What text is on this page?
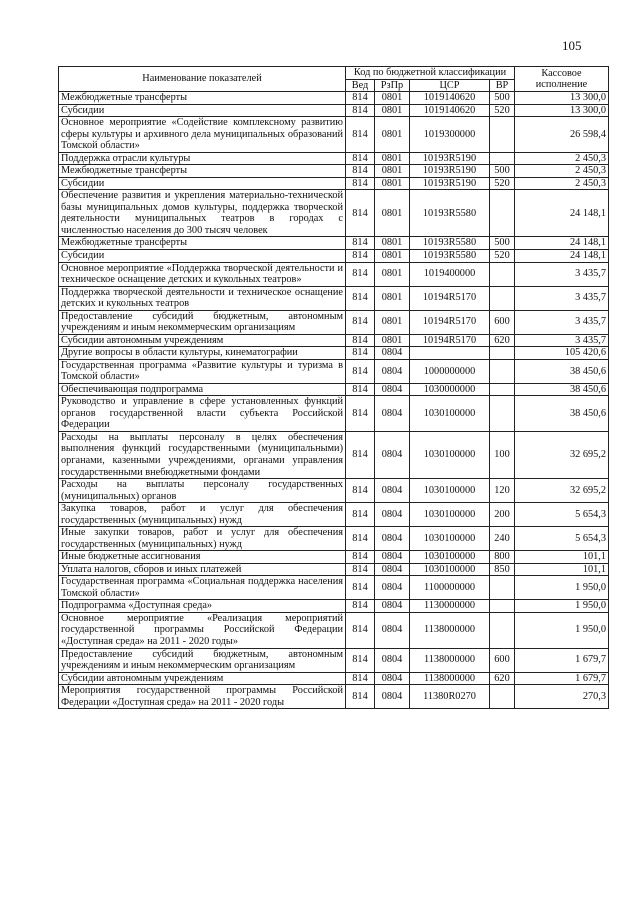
105
Наименование показателей	Код по бюджетной классификации				Кассовое исполнение
	Вед	РзПр	ЦСР	ВР	
Межбюджетные трансферты	814	0801	1019140620	500	13 300,0
Субсидии	814	0801	1019140620	520	13 300,0
Основное мероприятие «Содействие комплексному развитию сферы культуры и архивного дела муниципальных образований Томской области»	814	0801	1019300000		26 598,4
Поддержка отрасли культуры	814	0801	10193R5190		2 450,3
Межбюджетные трансферты	814	0801	10193R5190	500	2 450,3
Субсидии	814	0801	10193R5190	520	2 450,3
Обеспечение развития и укрепления материально-технической базы муниципальных домов культуры, поддержка творческой деятельности муниципальных театров в городах с численностью населения до 300 тысяч человек	814	0801	10193R5580		24 148,1
Межбюджетные трансферты	814	0801	10193R5580	500	24 148,1
Субсидии	814	0801	10193R5580	520	24 148,1
Основное мероприятие «Поддержка творческой деятельности и техническое оснащение детских и кукольных театров»	814	0801	1019400000		3 435,7
Поддержка творческой деятельности и техническое оснащение детских и кукольных театров	814	0801	10194R5170		3 435,7
Предоставление субсидий бюджетным, автономным учреждениям и иным некоммерческим организациям	814	0801	10194R5170	600	3 435,7
Субсидии автономным учреждениям	814	0801	10194R5170	620	3 435,7
Другие вопросы в области культуры, кинематографии	814	0804			105 420,6
Государственная программа «Развитие культуры и туризма в Томской области»	814	0804	1000000000		38 450,6
Обеспечивающая подпрограмма	814	0804	1030000000		38 450,6
Руководство и управление в сфере установленных функций органов государственной власти субъекта Российской Федерации	814	0804	1030100000		38 450,6
Расходы на выплаты персоналу в целях обеспечения выполнения функций государственными (муниципальными) органами, казенными учреждениями, органами управления государственными внебюджетными фондами	814	0804	1030100000	100	32 695,2
Расходы на выплаты персоналу государственных (муниципальных) органов	814	0804	1030100000	120	32 695,2
Закупка товаров, работ и услуг для обеспечения государственных (муниципальных) нужд	814	0804	1030100000	200	5 654,3
Иные закупки товаров, работ и услуг для обеспечения государственных (муниципальных) нужд	814	0804	1030100000	240	5 654,3
Иные бюджетные ассигнования	814	0804	1030100000	800	101,1
Уплата налогов, сборов и иных платежей	814	0804	1030100000	850	101,1
Государственная программа «Социальная поддержка населения Томской области»	814	0804	1100000000		1 950,0
Подпрограмма «Доступная среда»	814	0804	1130000000		1 950,0
Основное мероприятие «Реализация мероприятий государственной программы Российской Федерации «Доступная среда» на 2011 - 2020 годы»	814	0804	1138000000		1 950,0
Предоставление субсидий бюджетным, автономным учреждениям и иным некоммерческим организациям	814	0804	1138000000	600	1 679,7
Субсидии автономным учреждениям	814	0804	1138000000	620	1 679,7
Мероприятия государственной программы Российской Федерации «Доступная среда» на 2011 - 2020 годы	814	0804	11380R0270		270,3
